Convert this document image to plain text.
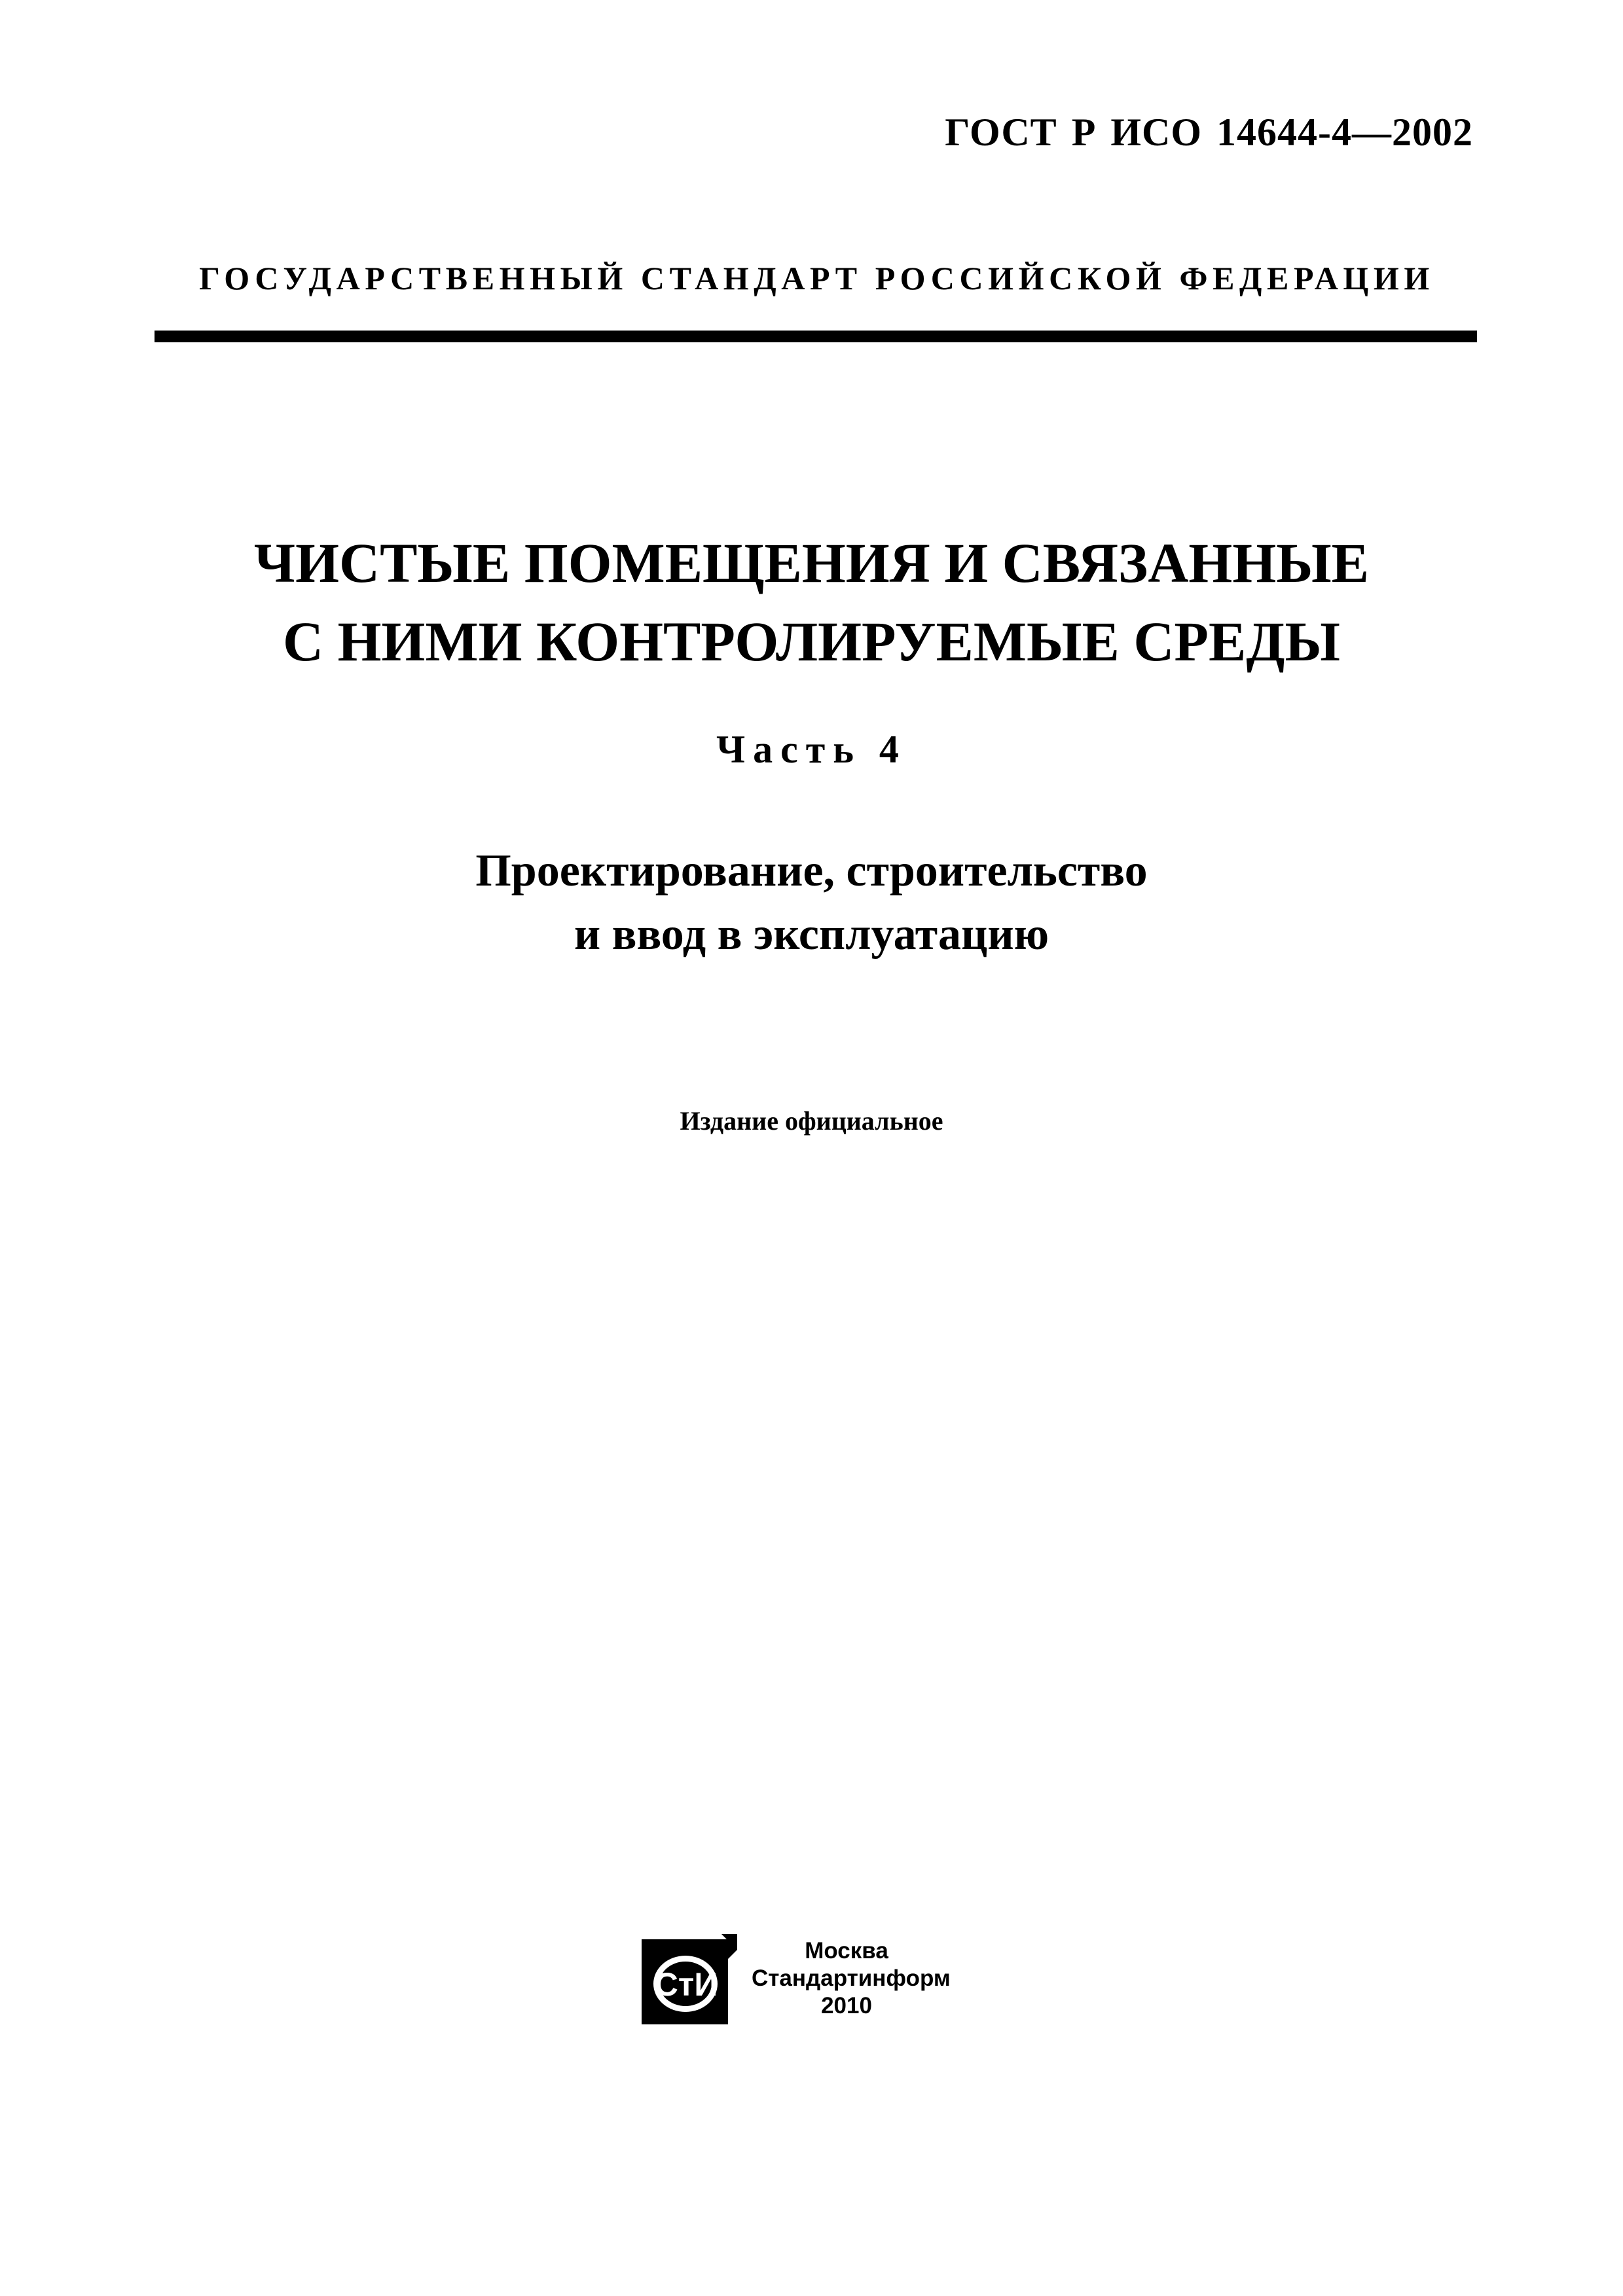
ГОСТ Р ИСО 14644-4—2002
ГОСУДАРСТВЕННЫЙ СТАНДАРТ РОССИЙСКОЙ ФЕДЕРАЦИИ
ЧИСТЫЕ ПОМЕЩЕНИЯ И СВЯЗАННЫЕ
С НИМИ КОНТРОЛИРУЕМЫЕ СРЕДЫ
Часть 4
Проектирование, строительство
и ввод в эксплуатацию
Издание официальное
СтИ
Москва
Стандартинформ
2010
